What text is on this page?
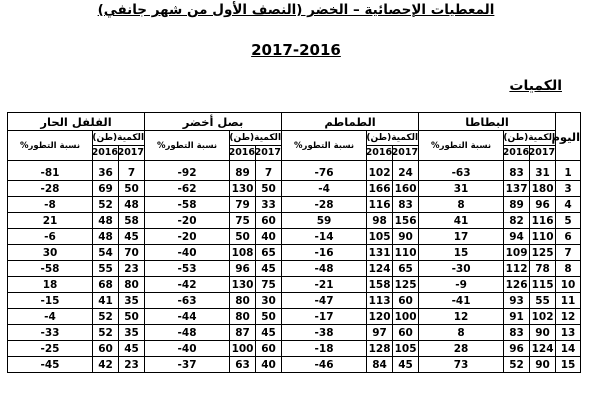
المعطيات الإحصائية – الخضر (النصف الأول من شهر جانفي)
2017-2016
الكميات
اليوم	البطاطا			الطماطم			بصل أخضر			الفلفل الحار		
	الكمية(طن)		نسبة التطور%	الكمية(طن)		نسبة التطور%	الكمية(طن)		نسبة التطور%	الكمية(طن)		نسبة التطور%
	2017	2016		2017	2016		2017	2016		2017	2016	
1	31	83	63-	24	102	76-	7	89	92-	7	36	81-
3	180	137	31	160	166	4-	50	130	62-	50	69	28-
4	96	89	8	83	116	28-	33	79	58-	48	52	8-
5	116	82	41	156	98	59	60	75	20-	58	48	21
6	110	94	17	90	105	14-	40	50	20-	45	48	6-
7	125	109	15	110	131	16-	65	108	40-	70	54	30
8	78	112	30-	65	124	48-	45	96	53-	23	55	58-
10	115	126	9-	125	158	21-	75	130	42-	80	68	18
11	55	93	41-	60	113	47-	30	80	63-	35	41	15-
12	102	91	12	100	120	17-	50	80	44-	50	52	4-
13	90	83	8	60	97	38-	45	87	48-	35	52	33-
14	124	96	28	105	128	18-	60	100	40-	45	60	25-
15	90	52	73	45	84	46-	40	63	37-	23	42	45-
